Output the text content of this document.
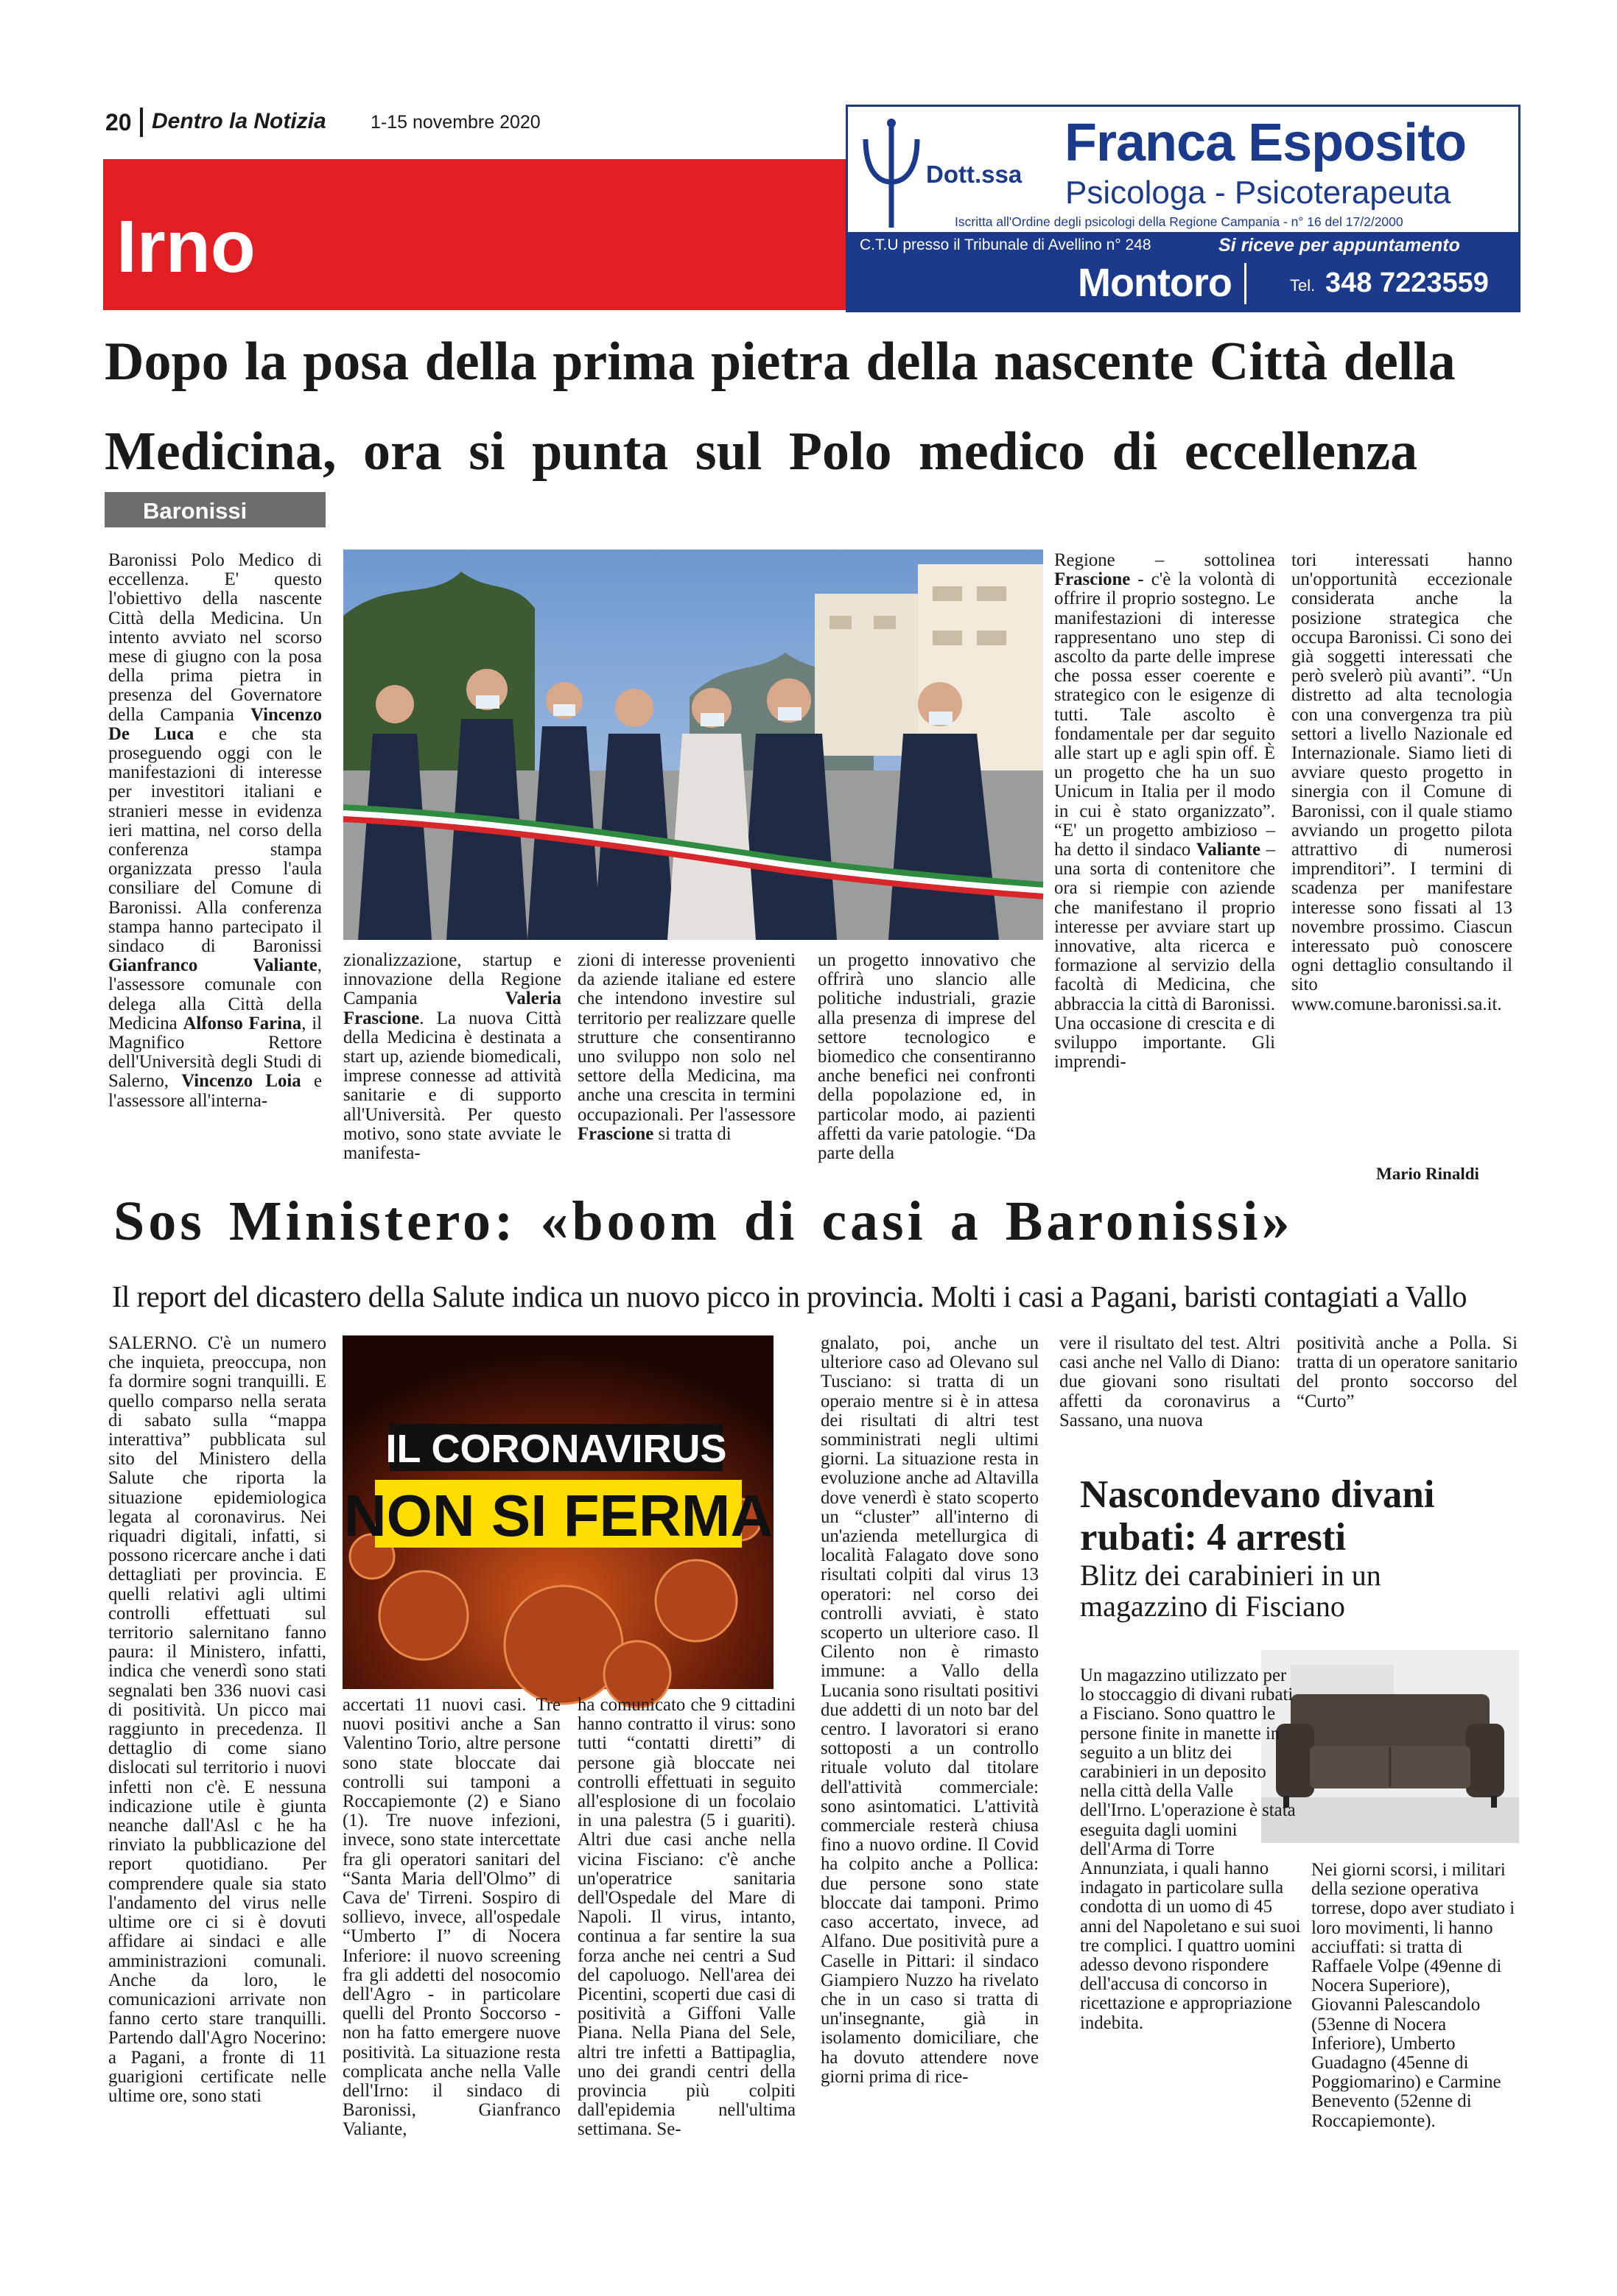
20 Dentro la Notizia 1-15 novembre 2020
Irno
Dott.ssa
Franca Esposito
Psicologa - Psicoterapeuta
Iscritta all'Ordine degli psicologi della Regione Campania - n° 16 del 17/2/2000
C.T.U presso il Tribunale di Avellino n° 248	Si riceve per appuntamento
Montoro	Tel. 348 7223559
Dopo la posa della prima pietra della nascente Città della
Medicina, ora si punta sul Polo medico di eccellenza
Baronissi

Baronissi Polo Medico di eccellenza. E' questo l'obiettivo della nascente Città della Medicina. Un intento avviato nel scorso mese di giugno con la posa della prima pietra in presenza del Governatore della Campania Vincenzo De Luca e che sta proseguendo oggi con le manifestazioni di interesse per investitori italiani e stranieri messe in evidenza ieri mattina, nel corso della conferenza stampa organizzata presso l'aula consiliare del Comune di Baronissi. Alla conferenza stampa hanno partecipato il sindaco di Baronissi Gianfranco Valiante, l'assessore comunale con delega alla Città della Medicina Alfonso Farina, il Magnifico Rettore dell'Università degli Studi di Salerno, Vincenzo Loia e l'assessore all'interna-

zionalizzazione, startup e innovazione della Regione Campania Valeria Frascione. La nuova Città della Medicina è destinata a start up, aziende biomedicali, imprese connesse ad attività sanitarie e di supporto all'Università. Per questo motivo, sono state avviate le manifesta-

zioni di interesse provenienti da aziende italiane ed estere che intendono investire sul territorio per realizzare quelle strutture che consentiranno uno sviluppo non solo nel settore della Medicina, ma anche una crescita in termini occupazionali. Per l'assessore Frascione si tratta di

un progetto innovativo che offrirà uno slancio alle politiche industriali, grazie alla presenza di imprese del settore tecnologico e biomedico che consentiranno anche benefici nei confronti della popolazione ed, in particolar modo, ai pazienti affetti da varie patologie. “Da parte della

Regione – sottolinea Frascione - c'è la volontà di offrire il proprio sostegno. Le manifestazioni di interesse rappresentano uno step di ascolto da parte delle imprese che possa esser coerente e strategico con le esigenze di tutti. Tale ascolto è fondamentale per dar seguito alle start up e agli spin off. È un progetto che ha un suo Unicum in Italia per il modo in cui è stato organizzato”. “E' un progetto ambizioso – ha detto il sindaco Valiante – una sorta di contenitore che ora si riempie con aziende che manifestano il proprio interesse per avviare start up innovative, alta ricerca e formazione al servizio della facoltà di Medicina, che abbraccia la città di Baronissi. Una occasione di crescita e di sviluppo importante. Gli imprendi-

tori interessati hanno un'opportunità eccezionale considerata anche la posizione strategica che occupa Baronissi. Ci sono dei già soggetti interessati che però svelerò più avanti”. “Un distretto ad alta tecnologia con una convergenza tra più settori a livello Nazionale ed Internazionale. Siamo lieti di avviare questo progetto in sinergia con il Comune di Baronissi, con il quale stiamo avviando un progetto pilota attrattivo di numerosi imprenditori”. I termini di scadenza per manifestare interesse sono fissati al 13 novembre prossimo. Ciascun interessato può conoscere ogni dettaglio consultando il sito www.comune.baronissi.sa.it.

Mario Rinaldi
Sos Ministero: «boom di casi a Baronissi»
Il report del dicastero della Salute indica un nuovo picco in provincia. Molti i casi a Pagani, baristi contagiati a Vallo

SALERNO. C'è un numero che inquieta, preoccupa, non fa dormire sogni tranquilli. E quello comparso nella serata di sabato sulla “mappa interattiva” pubblicata sul sito del Ministero della Salute che riporta la situazione epidemiologica legata al coronavirus. Nei riquadri digitali, infatti, si possono ricercare anche i dati dettagliati per provincia. E quelli relativi agli ultimi controlli effettuati sul territorio salernitano fanno paura: il Ministero, infatti, indica che venerdì sono stati segnalati ben 336 nuovi casi di positività. Un picco mai raggiunto in precedenza. Il dettaglio di come siano dislocati sul territorio i nuovi infetti non c'è. E nessuna indicazione utile è giunta neanche dall'Asl c he ha rinviato la pubblicazione del report quotidiano. Per comprendere quale sia stato l'andamento del virus nelle ultime ore ci si è dovuti affidare ai sindaci e alle amministrazioni comunali. Anche da loro, le comunicazioni arrivate non fanno certo stare tranquilli. Partendo dall'Agro Nocerino: a Pagani, a fronte di 11 guarigioni certificate nelle ultime ore, sono stati

IL CORONAVIRUS
NON SI FERMA

accertati 11 nuovi casi. Tre nuovi positivi anche a San Valentino Torio, altre persone sono state bloccate dai controlli sui tamponi a Roccapiemonte (2) e Siano (1). Tre nuove infezioni, invece, sono state intercettate fra gli operatori sanitari del “Santa Maria dell'Olmo” di Cava de' Tirreni. Sospiro di sollievo, invece, all'ospedale “Umberto I” di Nocera Inferiore: il nuovo screening fra gli addetti del nosocomio dell'Agro - in particolare quelli del Pronto Soccorso - non ha fatto emergere nuove positività. La situazione resta complicata anche nella Valle dell'Irno: il sindaco di Baronissi, Gianfranco Valiante,

ha comunicato che 9 cittadini hanno contratto il virus: sono tutti “contatti diretti” di persone già bloccate nei controlli effettuati in seguito all'esplosione di un focolaio in una palestra (5 i guariti). Altri due casi anche nella vicina Fisciano: c'è anche un'operatrice sanitaria dell'Ospedale del Mare di Napoli. Il virus, intanto, continua a far sentire la sua forza anche nei centri a Sud del capoluogo. Nell'area dei Picentini, scoperti due casi di positività a Giffoni Valle Piana. Nella Piana del Sele, altri tre infetti a Battipaglia, uno dei grandi centri della provincia più colpiti dall'epidemia nell'ultima settimana. Se-

gnalato, poi, anche un ulteriore caso ad Olevano sul Tusciano: si tratta di un operaio mentre si è in attesa dei risultati di altri test somministrati negli ultimi giorni. La situazione resta in evoluzione anche ad Altavilla dove venerdì è stato scoperto un “cluster” all'interno di un'azienda metellurgica di località Falagato dove sono risultati colpiti dal virus 13 operatori: nel corso dei controlli avviati, è stato scoperto un ulteriore caso. Il Cilento non è rimasto immune: a Vallo della Lucania sono risultati positivi due addetti di un noto bar del centro. I lavoratori si erano sottoposti a un controllo rituale voluto dal titolare dell'attività commerciale: sono asintomatici. L'attività commerciale resterà chiusa fino a nuovo ordine. Il Covid ha colpito anche a Pollica: due persone sono state bloccate dai tamponi. Primo caso accertato, invece, ad Alfano. Due positività pure a Caselle in Pittari: il sindaco Giampiero Nuzzo ha rivelato che in un caso si tratta di un'insegnante, già in isolamento domiciliare, che ha dovuto attendere nove giorni prima di rice-

vere il risultato del test. Altri casi anche nel Vallo di Diano: due giovani sono risultati affetti da coronavirus a Sassano, una nuova

positività anche a Polla. Si tratta di un operatore sanitario del pronto soccorso del “Curto”

Nascondevano divani rubati: 4 arresti
Blitz dei carabinieri in un magazzino di Fisciano

Un magazzino utilizzato per lo stoccaggio di divani rubati a Fisciano. Sono quattro le persone finite in manette in seguito a un blitz dei carabinieri in un deposito nella città della Valle dell'Irno. L'operazione è stata eseguita dagli uomini dell'Arma di Torre Annunziata, i quali hanno indagato in particolare sulla condotta di un uomo di 45 anni del Napoletano e sui suoi tre complici. I quattro uomini adesso devono rispondere dell'accusa di concorso in ricettazione e appropriazione indebita.

Nei giorni scorsi, i militari della sezione operativa torrese, dopo aver studiato i loro movimenti, li hanno acciuffati: si tratta di Raffaele Volpe (49enne di Nocera Superiore), Giovanni Palescandolo (53enne di Nocera Inferiore), Umberto Guadagno (45enne di Poggiomarino) e Carmine Benevento (52enne di Roccapiemonte).
